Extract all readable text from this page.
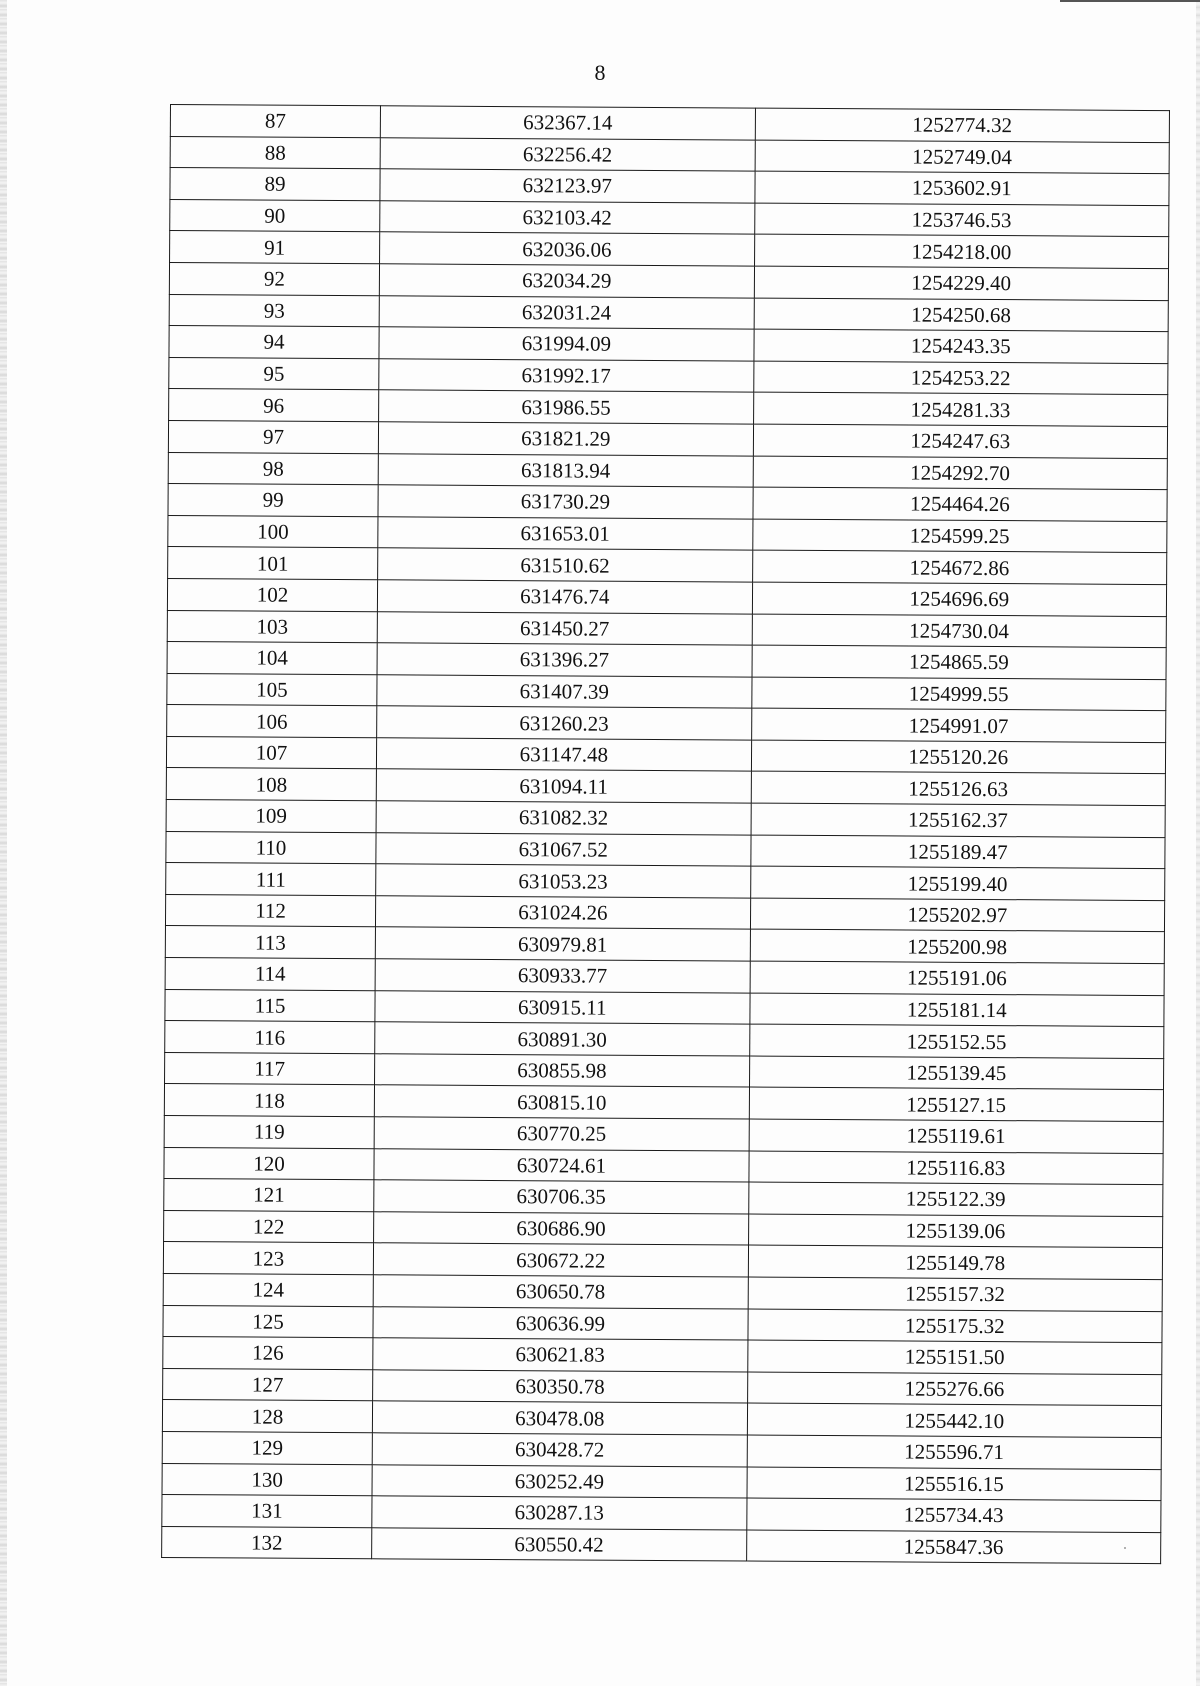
8
87	632367.14	1252774.32
88	632256.42	1252749.04
89	632123.97	1253602.91
90	632103.42	1253746.53
91	632036.06	1254218.00
92	632034.29	1254229.40
93	632031.24	1254250.68
94	631994.09	1254243.35
95	631992.17	1254253.22
96	631986.55	1254281.33
97	631821.29	1254247.63
98	631813.94	1254292.70
99	631730.29	1254464.26
100	631653.01	1254599.25
101	631510.62	1254672.86
102	631476.74	1254696.69
103	631450.27	1254730.04
104	631396.27	1254865.59
105	631407.39	1254999.55
106	631260.23	1254991.07
107	631147.48	1255120.26
108	631094.11	1255126.63
109	631082.32	1255162.37
110	631067.52	1255189.47
111	631053.23	1255199.40
112	631024.26	1255202.97
113	630979.81	1255200.98
114	630933.77	1255191.06
115	630915.11	1255181.14
116	630891.30	1255152.55
117	630855.98	1255139.45
118	630815.10	1255127.15
119	630770.25	1255119.61
120	630724.61	1255116.83
121	630706.35	1255122.39
122	630686.90	1255139.06
123	630672.22	1255149.78
124	630650.78	1255157.32
125	630636.99	1255175.32
126	630621.83	1255151.50
127	630350.78	1255276.66
128	630478.08	1255442.10
129	630428.72	1255596.71
130	630252.49	1255516.15
131	630287.13	1255734.43
132	630550.42	1255847.36
